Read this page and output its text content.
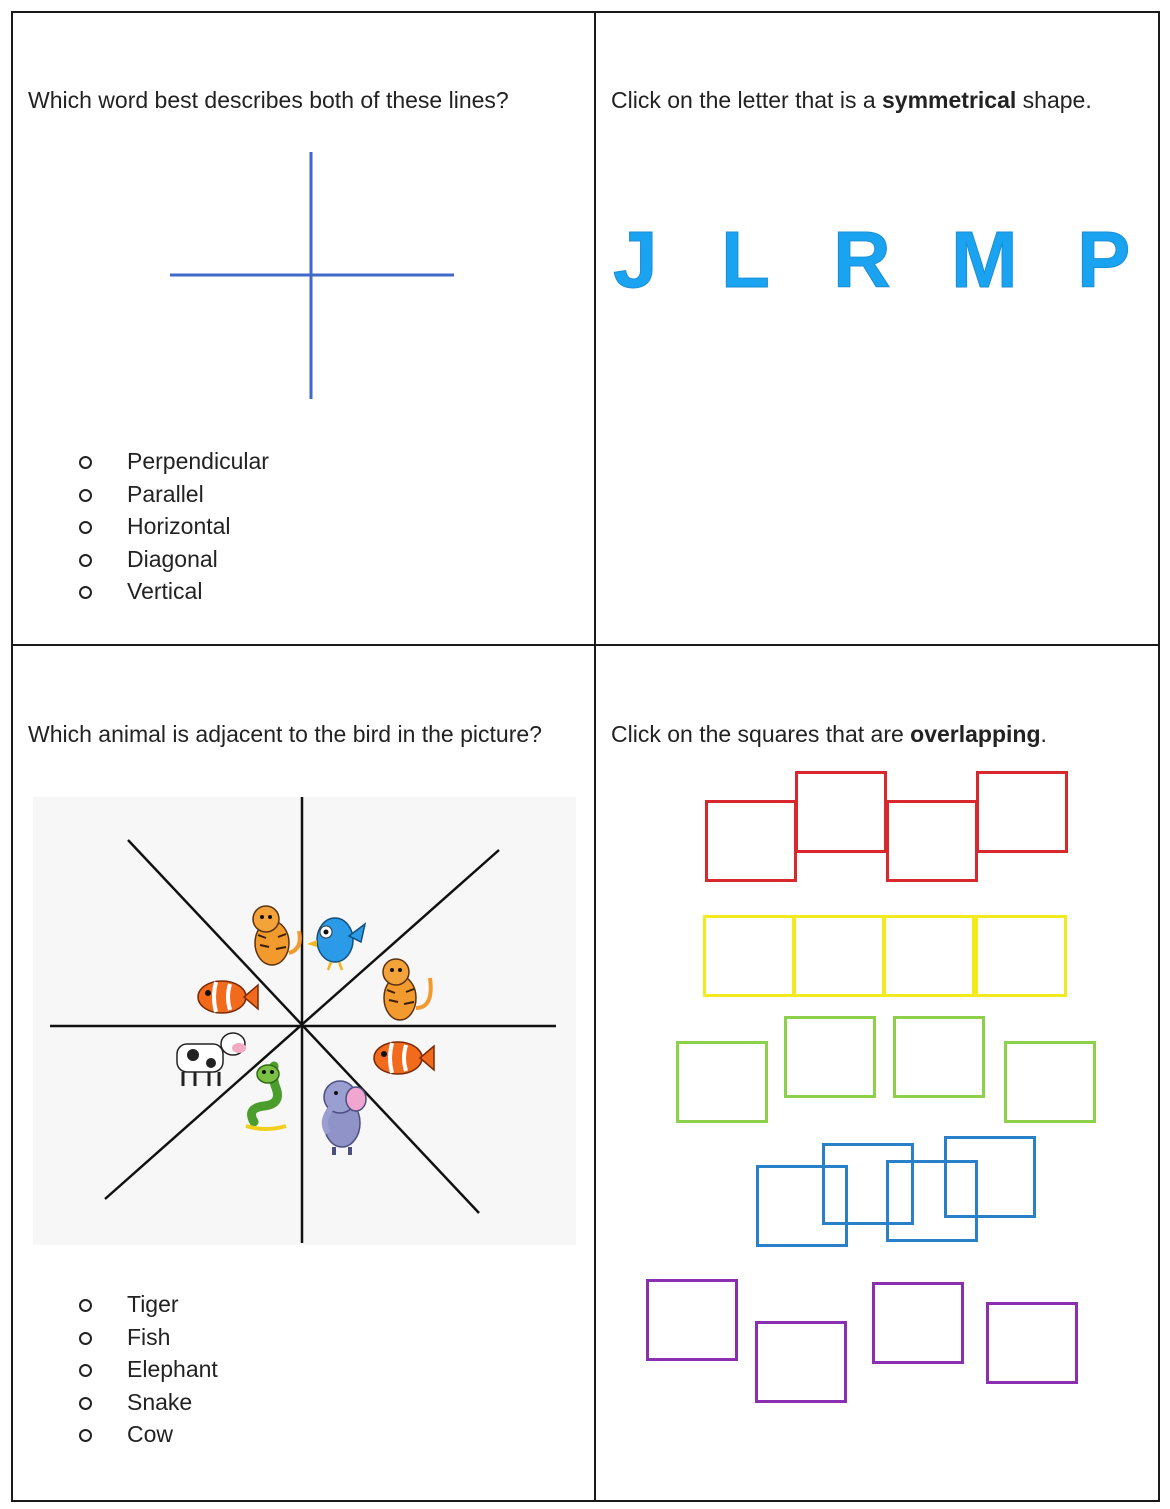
Which word best describes both of these lines?
Perpendicular
Parallel
Horizontal
Diagonal
Vertical
Click on the letter that is a symmetrical shape.
J L R M P
Which animal is adjacent to the bird in the picture?
Tiger
Fish
Elephant
Snake
Cow
Click on the squares that are overlapping.
